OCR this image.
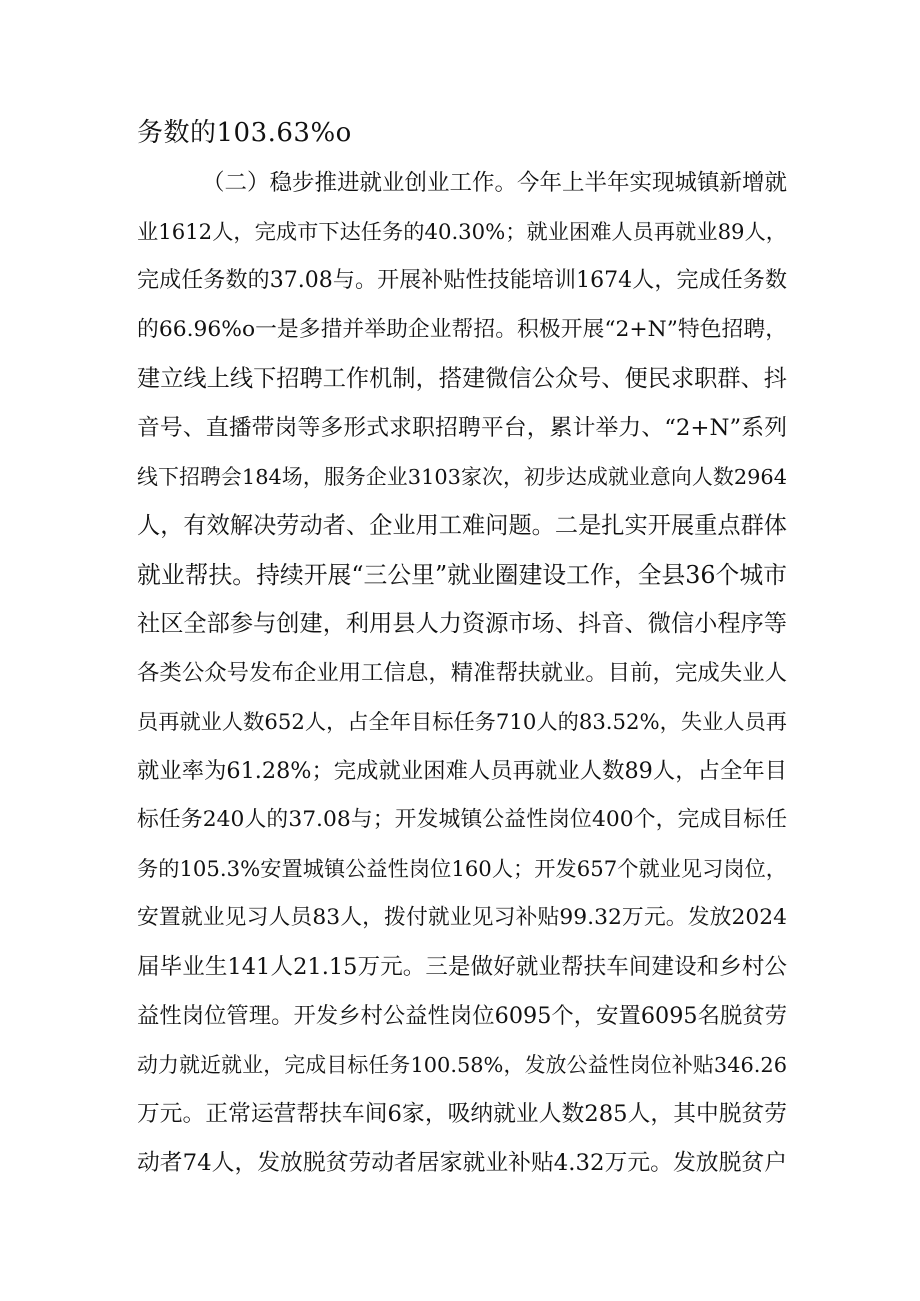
务数的103.63%o
（二）稳步推进就业创业工作。今年上半年实现城镇新增就
业1612人，完成市下达任务的40.30%；就业困难人员再就业89人，
完成任务数的37.08与。开展补贴性技能培训1674人，完成任务数
的66.96%o一是多措并举助企业帮招。积极开展“2+N”特色招聘，
建立线上线下招聘工作机制，搭建微信公众号、便民求职群、抖
音号、直播带岗等多形式求职招聘平台，累计举力、“2+N”系列
线下招聘会184场，服务企业3103家次，初步达成就业意向人数2964
人，有效解决劳动者、企业用工难问题。二是扎实开展重点群体
就业帮扶。持续开展“三公里”就业圈建设工作，全县36个城市
社区全部参与创建，利用县人力资源市场、抖音、微信小程序等
各类公众号发布企业用工信息，精准帮扶就业。目前，完成失业人
员再就业人数652人，占全年目标任务710人的83.52%，失业人员再
就业率为61.28%；完成就业困难人员再就业人数89人，占全年目
标任务240人的37.08与；开发城镇公益性岗位400个，完成目标任
务的105.3%安置城镇公益性岗位160人；开发657个就业见习岗位，
安置就业见习人员83人，拨付就业见习补贴99.32万元。发放2024
届毕业生141人21.15万元。三是做好就业帮扶车间建设和乡村公
益性岗位管理。开发乡村公益性岗位6095个，安置6095名脱贫劳
动力就近就业，完成目标任务100.58%，发放公益性岗位补贴346.26
万元。正常运营帮扶车间6家，吸纳就业人数285人，其中脱贫劳
动者74人，发放脱贫劳动者居家就业补贴4.32万元。发放脱贫户
